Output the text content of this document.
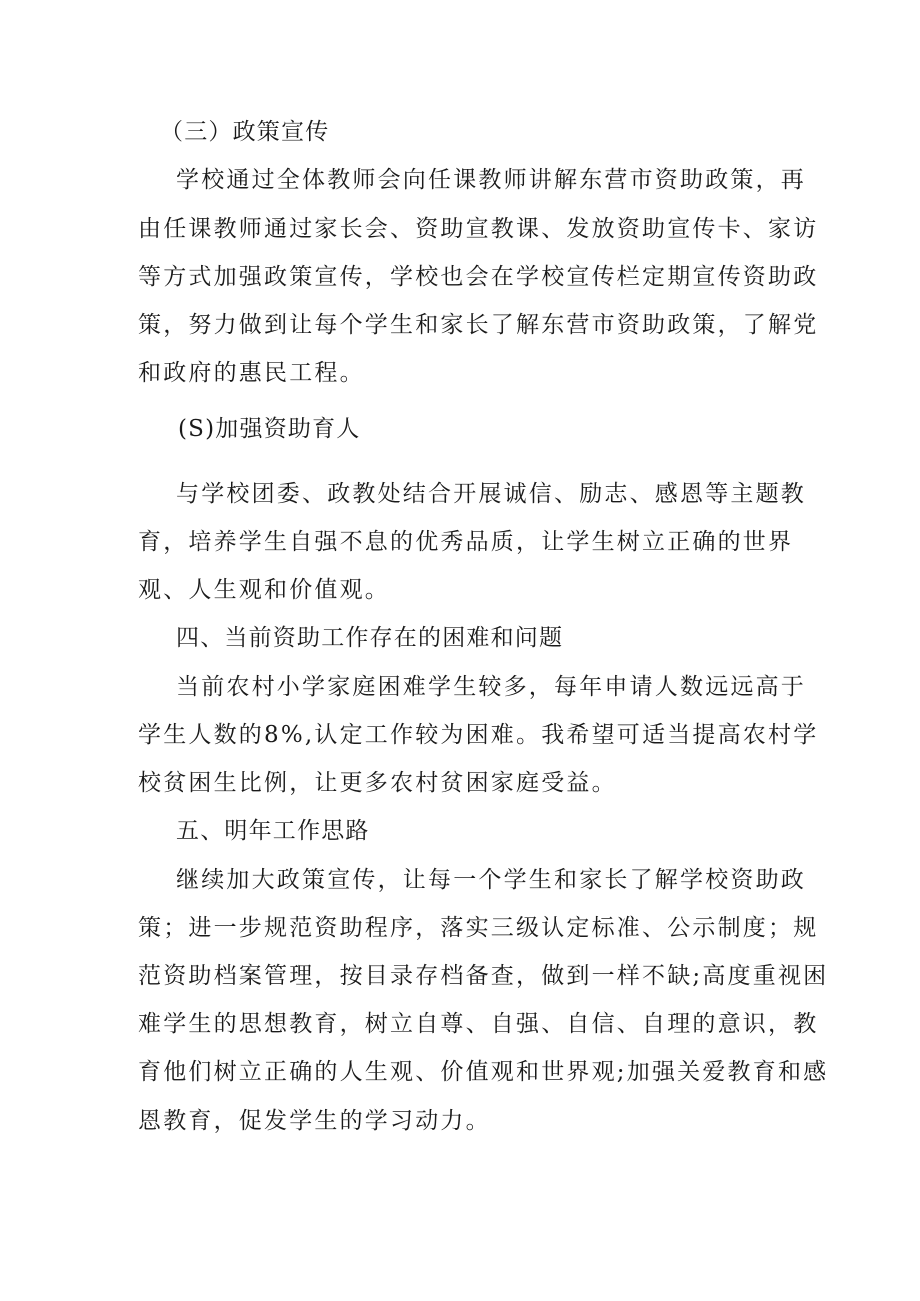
（三）政策宣传
学校通过全体教师会向任课教师讲解东营市资助政策，再
由任课教师通过家长会、资助宣教课、发放资助宣传卡、家访
等方式加强政策宣传，学校也会在学校宣传栏定期宣传资助政
策，努力做到让每个学生和家长了解东营市资助政策，了解党
和政府的惠民工程。
(S)加强资助育人
与学校团委、政教处结合开展诚信、励志、感恩等主题教
育，培养学生自强不息的优秀品质，让学生树立正确的世界
观、人生观和价值观。
四、当前资助工作存在的困难和问题
当前农村小学家庭困难学生较多，每年申请人数远远高于
学生人数的8%,认定工作较为困难。我希望可适当提高农村学
校贫困生比例，让更多农村贫困家庭受益。
五、明年工作思路
继续加大政策宣传，让每一个学生和家长了解学校资助政
策；进一步规范资助程序，落实三级认定标准、公示制度；规
范资助档案管理，按目录存档备查，做到一样不缺;高度重视困
难学生的思想教育，树立自尊、自强、自信、自理的意识，教
育他们树立正确的人生观、价值观和世界观;加强关爱教育和感
恩教育，促发学生的学习动力。
